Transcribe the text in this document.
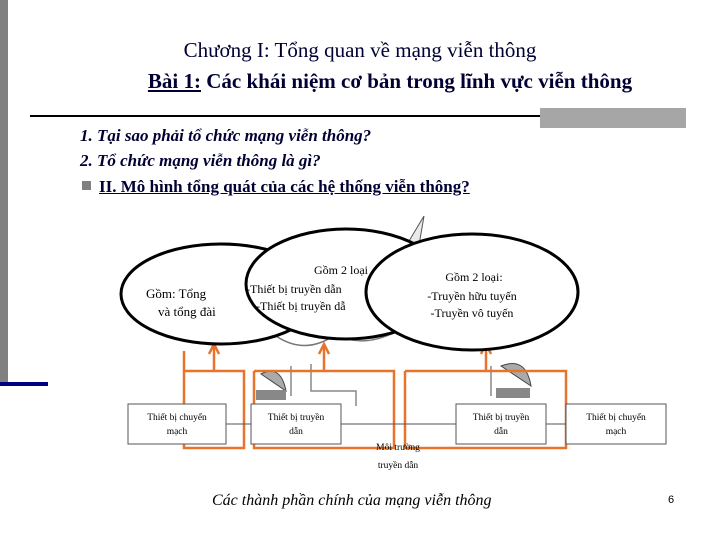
Chương I: Tổng quan về mạng viễn thông
Bài 1: Các khái niệm cơ bản trong lĩnh vực viễn thông
1. Tại sao phải tổ chức mạng viễn thông?
2. Tổ chức mạng viễn thông là gì?
II. Mô hình tổng quát của các hệ thống viễn thông?
Thiết bị chuyển
mạch
Thiết bị truyền
dẫn
Thiết bị truyền
dẫn
Thiết bị chuyển
mạch
Môi trường
truyền dẫn
Gồm: Tổng
và tổng đài
Gồm 2 loại
-Thiết bị truyền dẫn
-Thiết bị truyền dẫ
Gồm 2 loại:
-Truyền hữu tuyến
-Truyền vô tuyến
Các thành phần chính của mạng viễn thông	6
